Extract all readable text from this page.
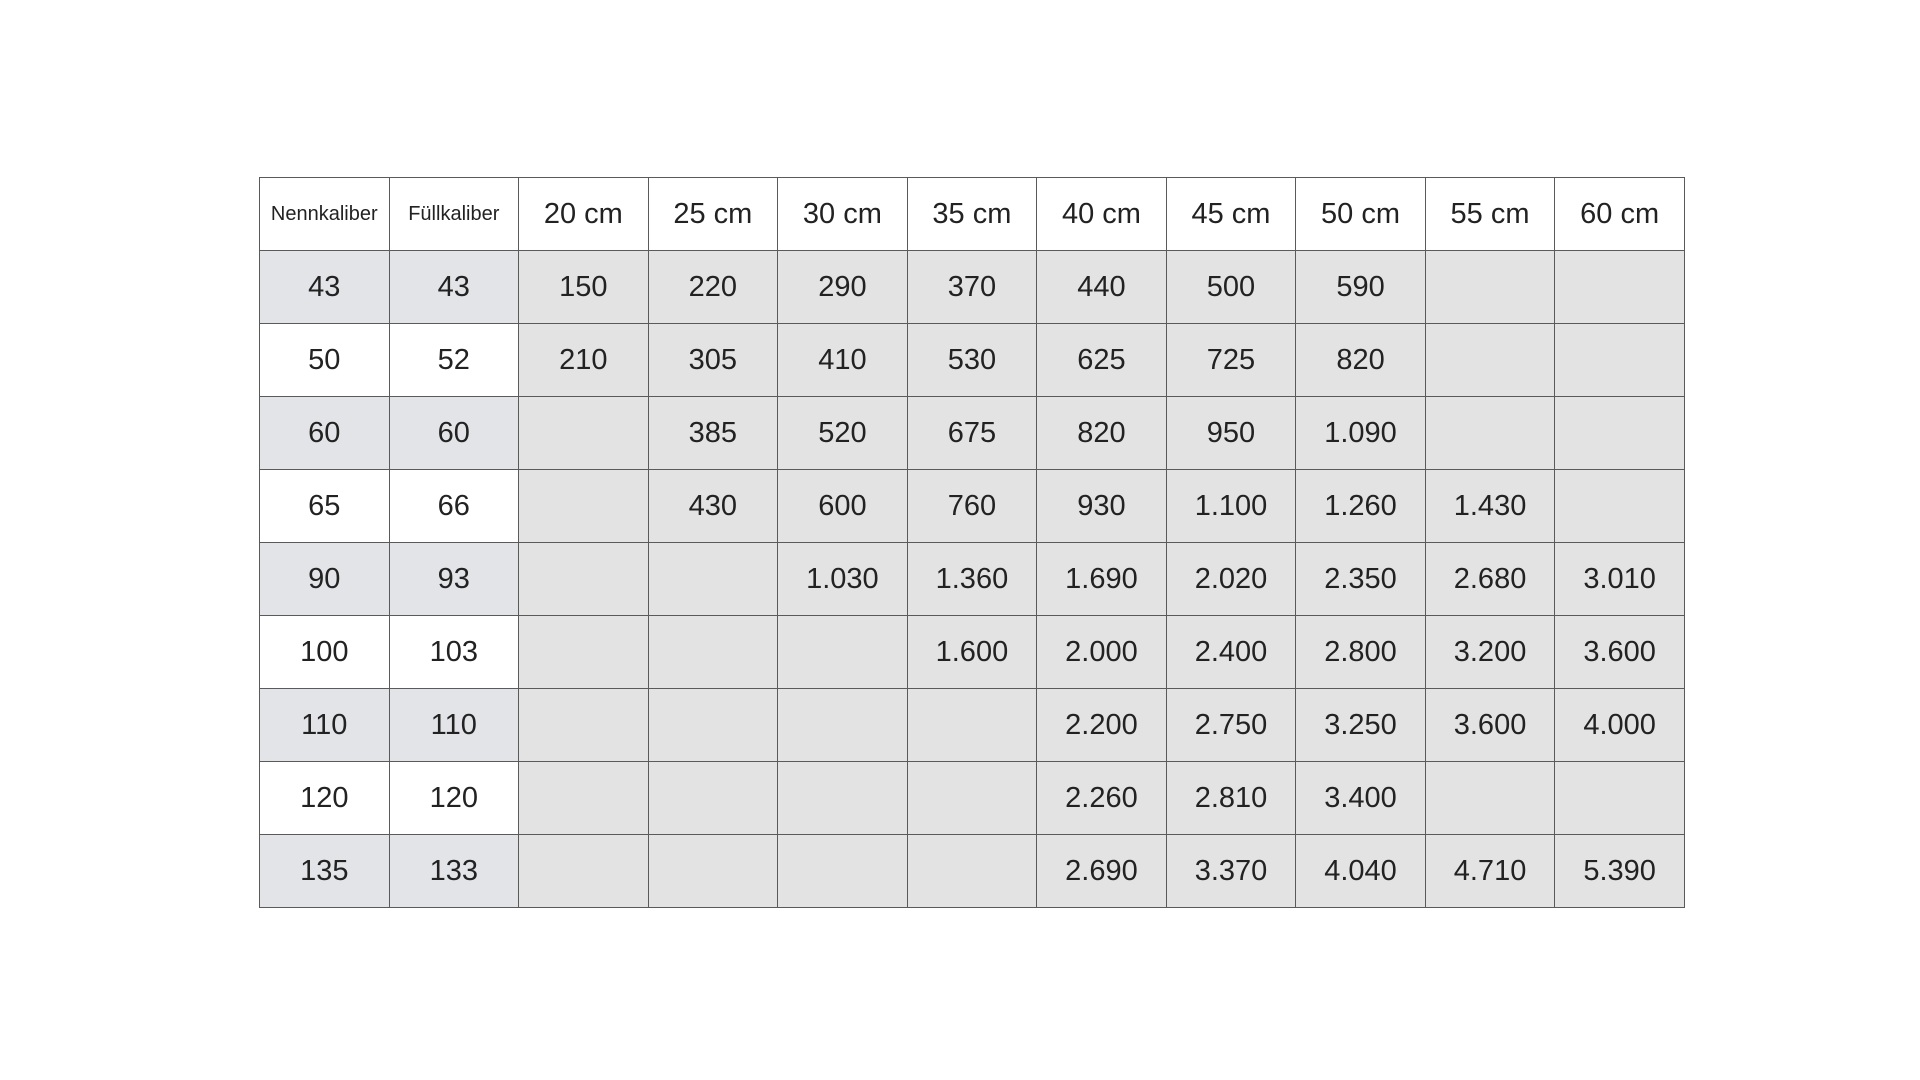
Nennkaliber	Füllkaliber	20 cm	25 cm	30 cm	35 cm	40 cm	45 cm	50 cm	55 cm	60 cm
43	43	150	220	290	370	440	500	590		
50	52	210	305	410	530	625	725	820		
60	60		385	520	675	820	950	1.090		
65	66		430	600	760	930	1.100	1.260	1.430	
90	93			1.030	1.360	1.690	2.020	2.350	2.680	3.010
100	103				1.600	2.000	2.400	2.800	3.200	3.600
110	110					2.200	2.750	3.250	3.600	4.000
120	120					2.260	2.810	3.400		
135	133					2.690	3.370	4.040	4.710	5.390
